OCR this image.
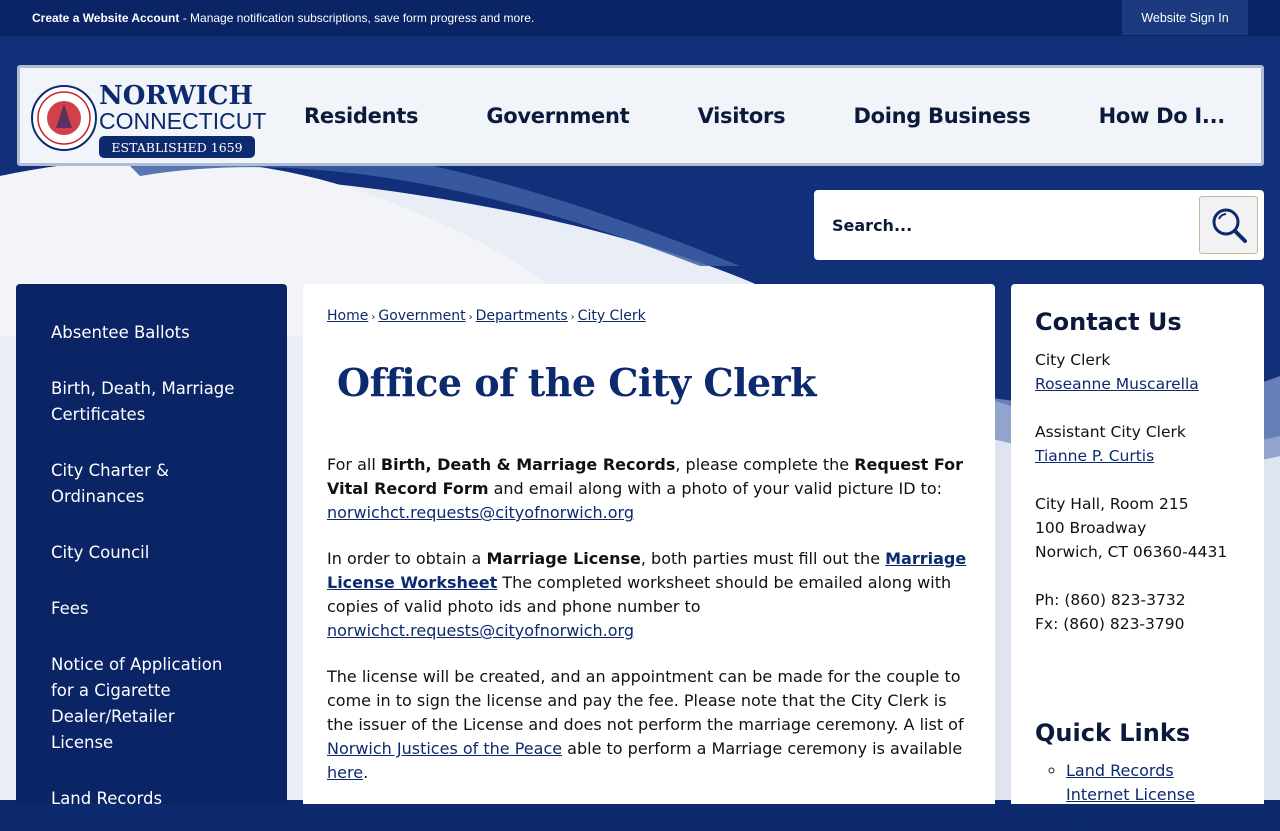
Create a Website Account - Manage notification subscriptions, save form progress and more.	Website Sign In
NORWICH
CONNECTICUT
ESTABLISHED 1659
Residents	Government	Visitors	Doing Business	How Do I...
Search...
Absentee Ballots
Birth, Death, Marriage Certificates
City Charter & Ordinances
City Council
Fees
Notice of Application for a Cigarette Dealer/Retailer License
Land Records
Home › Government › Departments › City Clerk
Office of the City Clerk

For all Birth, Death & Marriage Records, please complete the Request For Vital Record Form and email along with a photo of your valid picture ID to: norwichct.requests@cityofnorwich.org

In order to obtain a Marriage License, both parties must fill out the Marriage License Worksheet The completed worksheet should be emailed along with copies of valid photo ids and phone number to norwichct.requests@cityofnorwich.org

The license will be created, and an appointment can be made for the couple to come in to sign the license and pay the fee. Please note that the City Clerk is the issuer of the License and does not perform the marriage ceremony. A list of Norwich Justices of the Peace able to perform a Marriage ceremony is available here.

Contact Us
City Clerk
Roseanne Muscarella
Assistant City Clerk
Tianne P. Curtis
City Hall, Room 215
100 Broadway
Norwich, CT 06360-4431
Ph: (860) 823-3732
Fx: (860) 823-3790
Quick Links
◦ Land Records Internet License Form
